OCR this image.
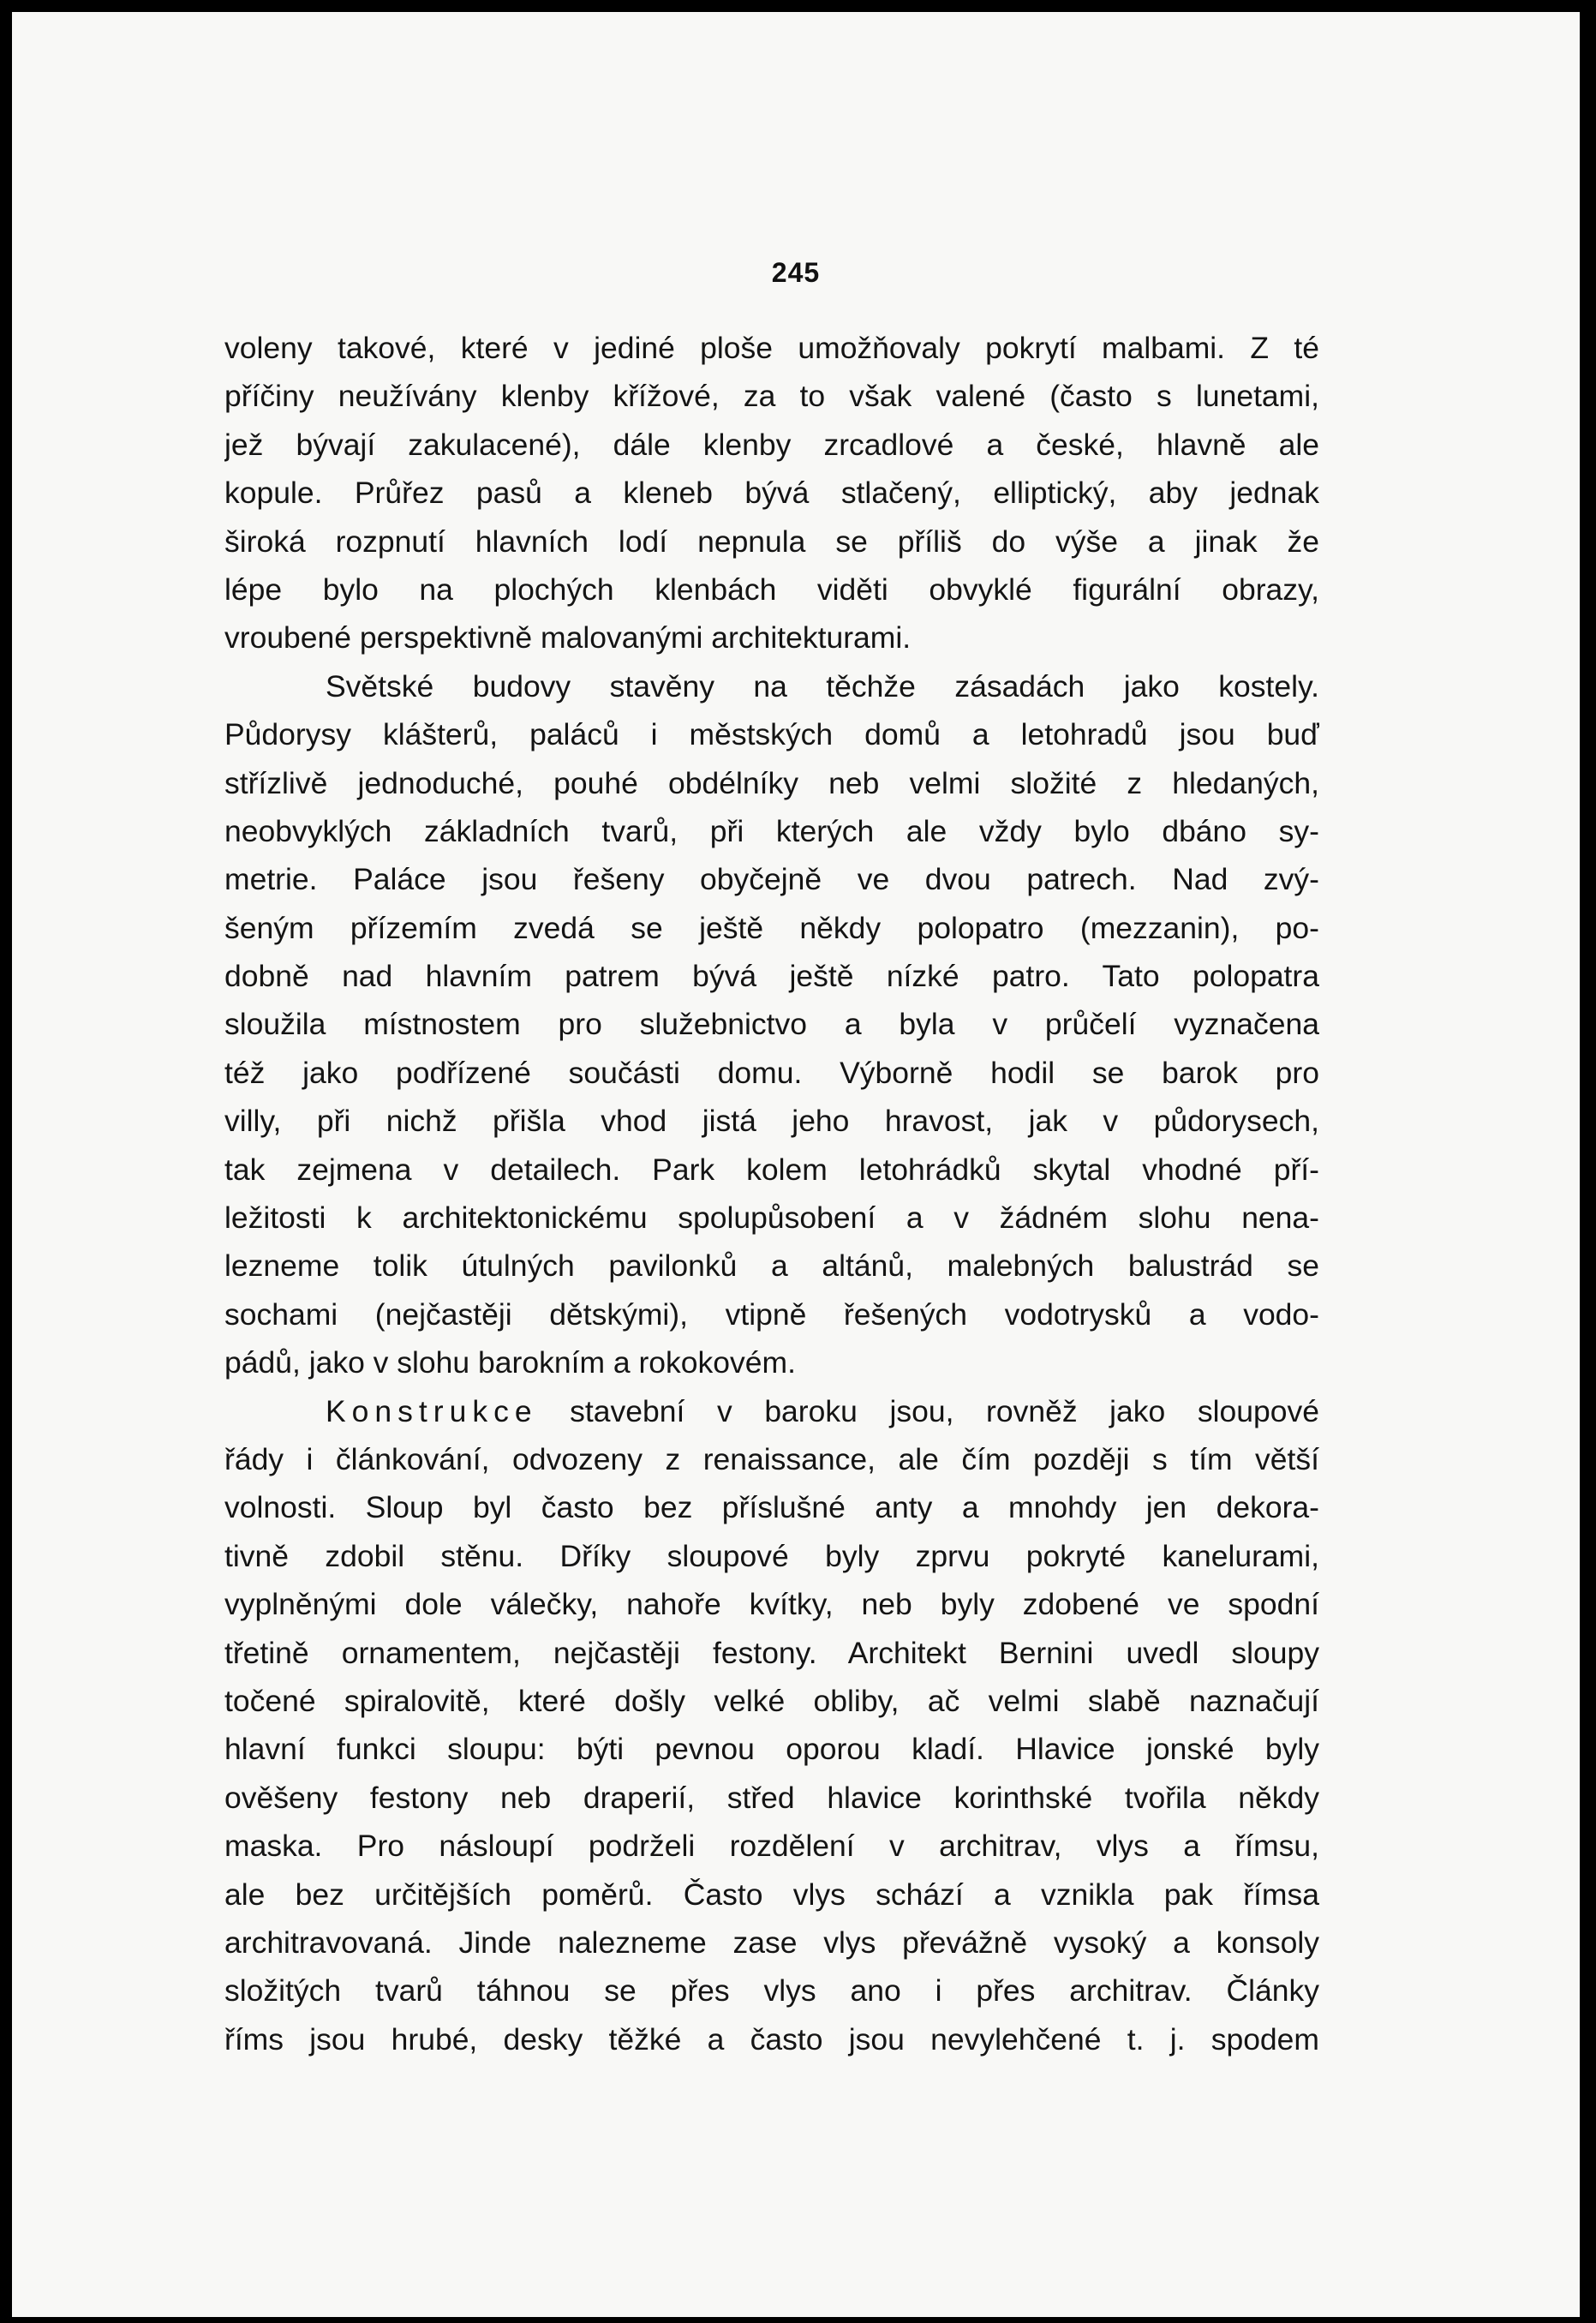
245
voleny takové, které v jediné ploše umožňovaly pokrytí malbami. Z té
příčiny neužívány klenby křížové, za to však valené (často s lunetami,
jež bývají zakulacené), dále klenby zrcadlové a české, hlavně ale
kopule. Průřez pasů a kleneb bývá stlačený, elliptický, aby jednak
široká rozpnutí hlavních lodí nepnula se příliš do výše a jinak že
lépe bylo na plochých klenbách viděti obvyklé figurální obrazy,
vroubené perspektivně malovanými architekturami.
Světské budovy stavěny na těchže zásadách jako kostely.
Půdorysy klášterů, paláců i městských domů a letohradů jsou buď
střízlivě jednoduché, pouhé obdélníky neb velmi složité z hledaných,
neobvyklých základních tvarů, při kterých ale vždy bylo dbáno sy-
metrie. Paláce jsou řešeny obyčejně ve dvou patrech. Nad zvý-
šeným přízemím zvedá se ještě někdy polopatro (mezzanin), po-
dobně nad hlavním patrem bývá ještě nízké patro. Tato polopatra
sloužila místnostem pro služebnictvo a byla v průčelí vyznačena
též jako podřízené součásti domu. Výborně hodil se barok pro
villy, při nichž přišla vhod jistá jeho hravost, jak v půdorysech,
tak zejmena v detailech. Park kolem letohrádků skytal vhodné pří-
ležitosti k architektonickému spolupůsobení a v žádném slohu nena-
lezneme tolik útulných pavilonků a altánů, malebných balustrád se
sochami (nejčastěji dětskými), vtipně řešených vodotrysků a vodo-
pádů, jako v slohu barokním a rokokovém.
Konstrukce stavební v baroku jsou, rovněž jako sloupové
řády i článkování, odvozeny z renaissance, ale čím později s tím větší
volnosti. Sloup byl často bez příslušné anty a mnohdy jen dekora-
tivně zdobil stěnu. Dříky sloupové byly zprvu pokryté kanelurami,
vyplněnými dole válečky, nahoře kvítky, neb byly zdobené ve spodní
třetině ornamentem, nejčastěji festony. Architekt Bernini uvedl sloupy
točené spiralovitě, které došly velké obliby, ač velmi slabě naznačují
hlavní funkci sloupu: býti pevnou oporou kladí. Hlavice jonské byly
ověšeny festony neb draperií, střed hlavice korinthské tvořila někdy
maska. Pro násloupí podrželi rozdělení v architrav, vlys a římsu,
ale bez určitějších poměrů. Často vlys schází a vznikla pak římsa
architravovaná. Jinde nalezneme zase vlys převážně vysoký a konsoly
složitých tvarů táhnou se přes vlys ano i přes architrav. Články
říms jsou hrubé, desky těžké a často jsou nevylehčené t. j. spodem
